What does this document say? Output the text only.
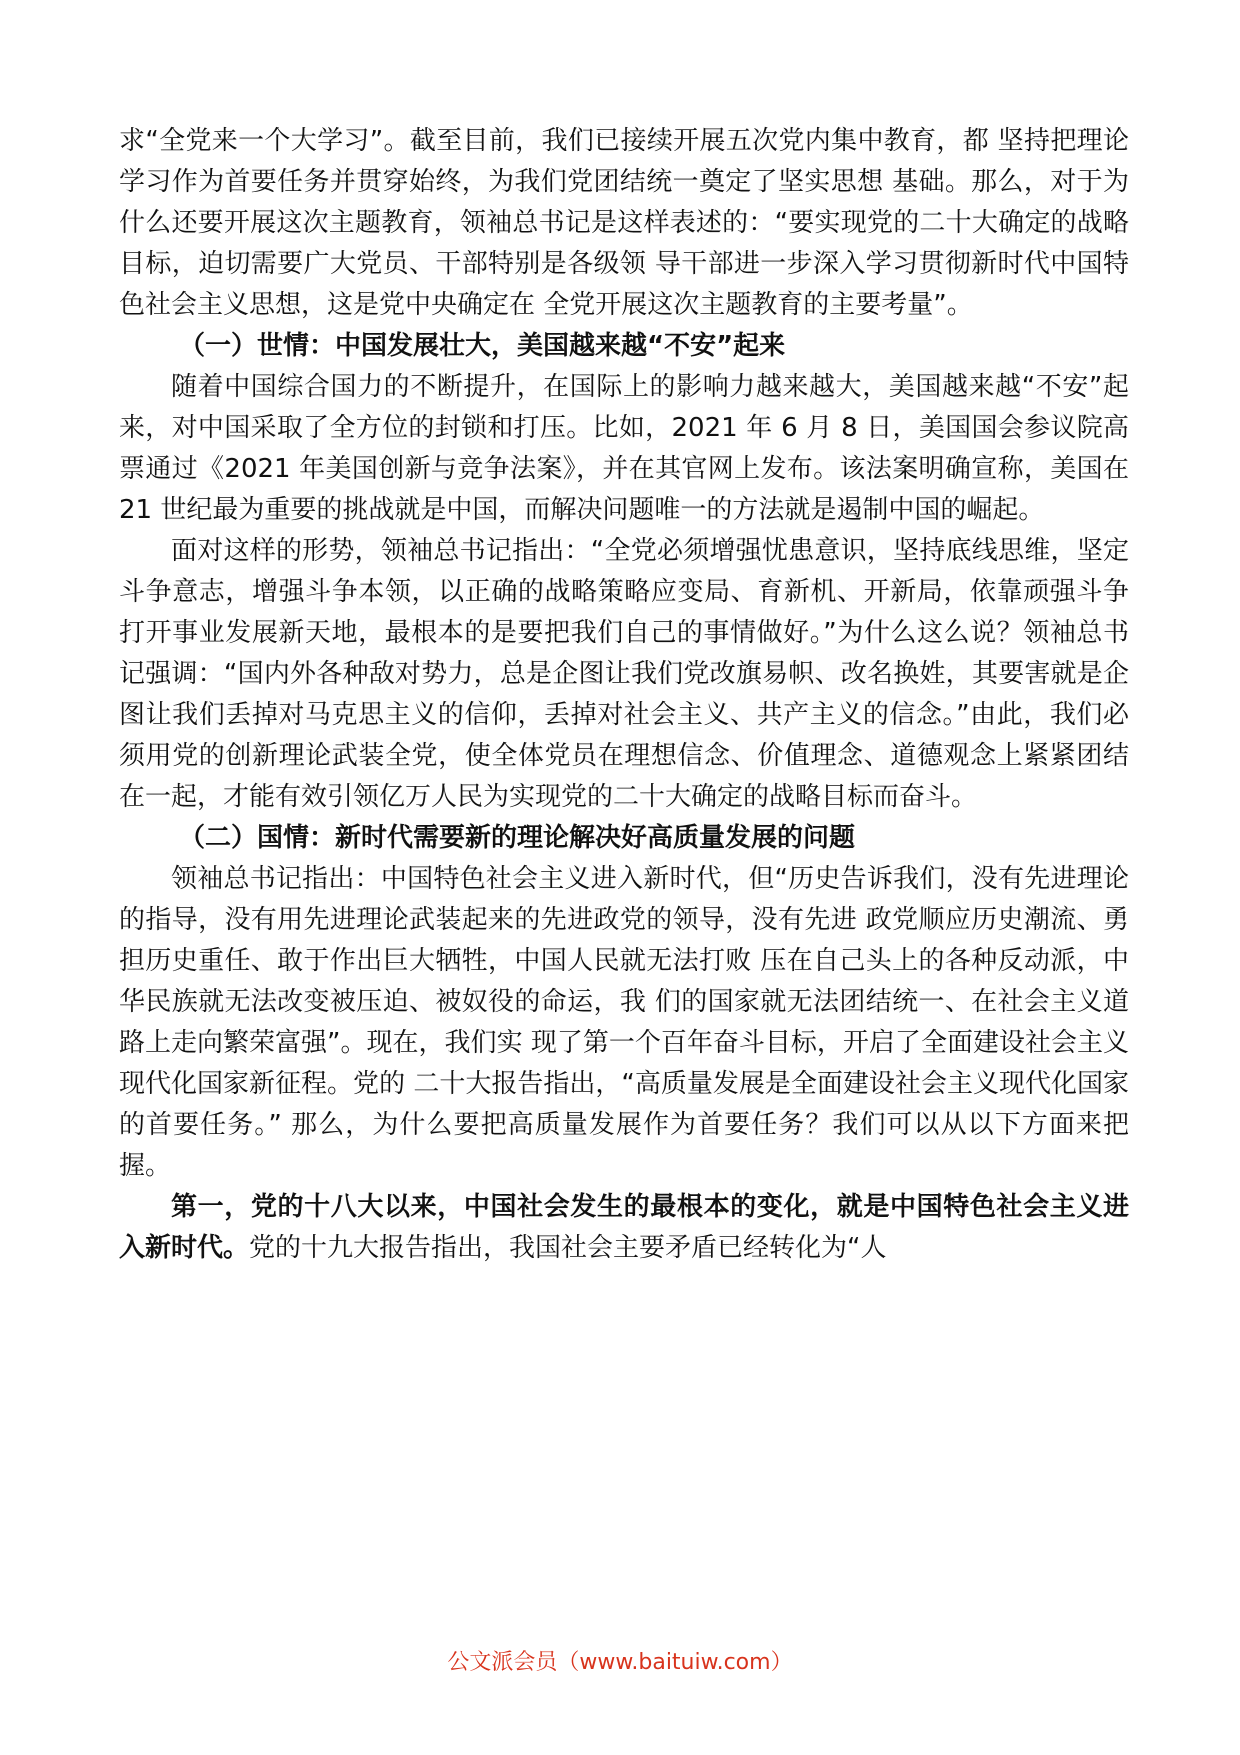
求“全党来一个大学习”。截至目前，我们已接续开展五次党内集中教育，都 坚持把理论学习作为首要任务并贯穿始终，为我们党团结统一奠定了坚实思想 基础。那么，对于为什么还要开展这次主题教育，领袖总书记是这样表述的：“要实现党的二十大确定的战略目标，迫切需要广大党员、干部特别是各级领 导干部进一步深入学习贯彻新时代中国特色社会主义思想，这是党中央确定在 全党开展这次主题教育的主要考量”。

（一）世情：中国发展壮大，美国越来越“不安”起来

随着中国综合国力的不断提升，在国际上的影响力越来越大，美国越来越“不安”起来，对中国采取了全方位的封锁和打压。比如，2021 年 6 月 8 日，美国国会参议院高票通过《2021 年美国创新与竞争法案》，并在其官网上发布。该法案明确宣称，美国在 21 世纪最为重要的挑战就是中国，而解决问题唯一的方法就是遏制中国的崛起。

面对这样的形势，领袖总书记指出：“全党必须增强忧患意识，坚持底线思维，坚定斗争意志，增强斗争本领，以正确的战略策略应变局、育新机、开新局，依靠顽强斗争打开事业发展新天地，最根本的是要把我们自己的事情做好。”为什么这么说？领袖总书记强调：“国内外各种敌对势力，总是企图让我们党改旗易帜、改名换姓，其要害就是企图让我们丢掉对马克思主义的信仰，丢掉对社会主义、共产主义的信念。”由此，我们必须用党的创新理论武装全党，使全体党员在理想信念、价值理念、道德观念上紧紧团结在一起，才能有效引领亿万人民为实现党的二十大确定的战略目标而奋斗。

（二）国情：新时代需要新的理论解决好高质量发展的问题

领袖总书记指出：中国特色社会主义进入新时代，但“历史告诉我们，没有先进理论的指导，没有用先进理论武装起来的先进政党的领导，没有先进 政党顺应历史潮流、勇担历史重任、敢于作出巨大牺牲，中国人民就无法打败 压在自己头上的各种反动派，中华民族就无法改变被压迫、被奴役的命运，我 们的国家就无法团结统一、在社会主义道路上走向繁荣富强”。现在，我们实 现了第一个百年奋斗目标，开启了全面建设社会主义现代化国家新征程。党的 二十大报告指出，“高质量发展是全面建设社会主义现代化国家的首要任务。” 那么，为什么要把高质量发展作为首要任务？我们可以从以下方面来把握。

第一，党的十八大以来，中国社会发生的最根本的变化，就是中国特色社会主义进入新时代。党的十九大报告指出，我国社会主要矛盾已经转化为“人

公文派会员（www.baituiw.com）
